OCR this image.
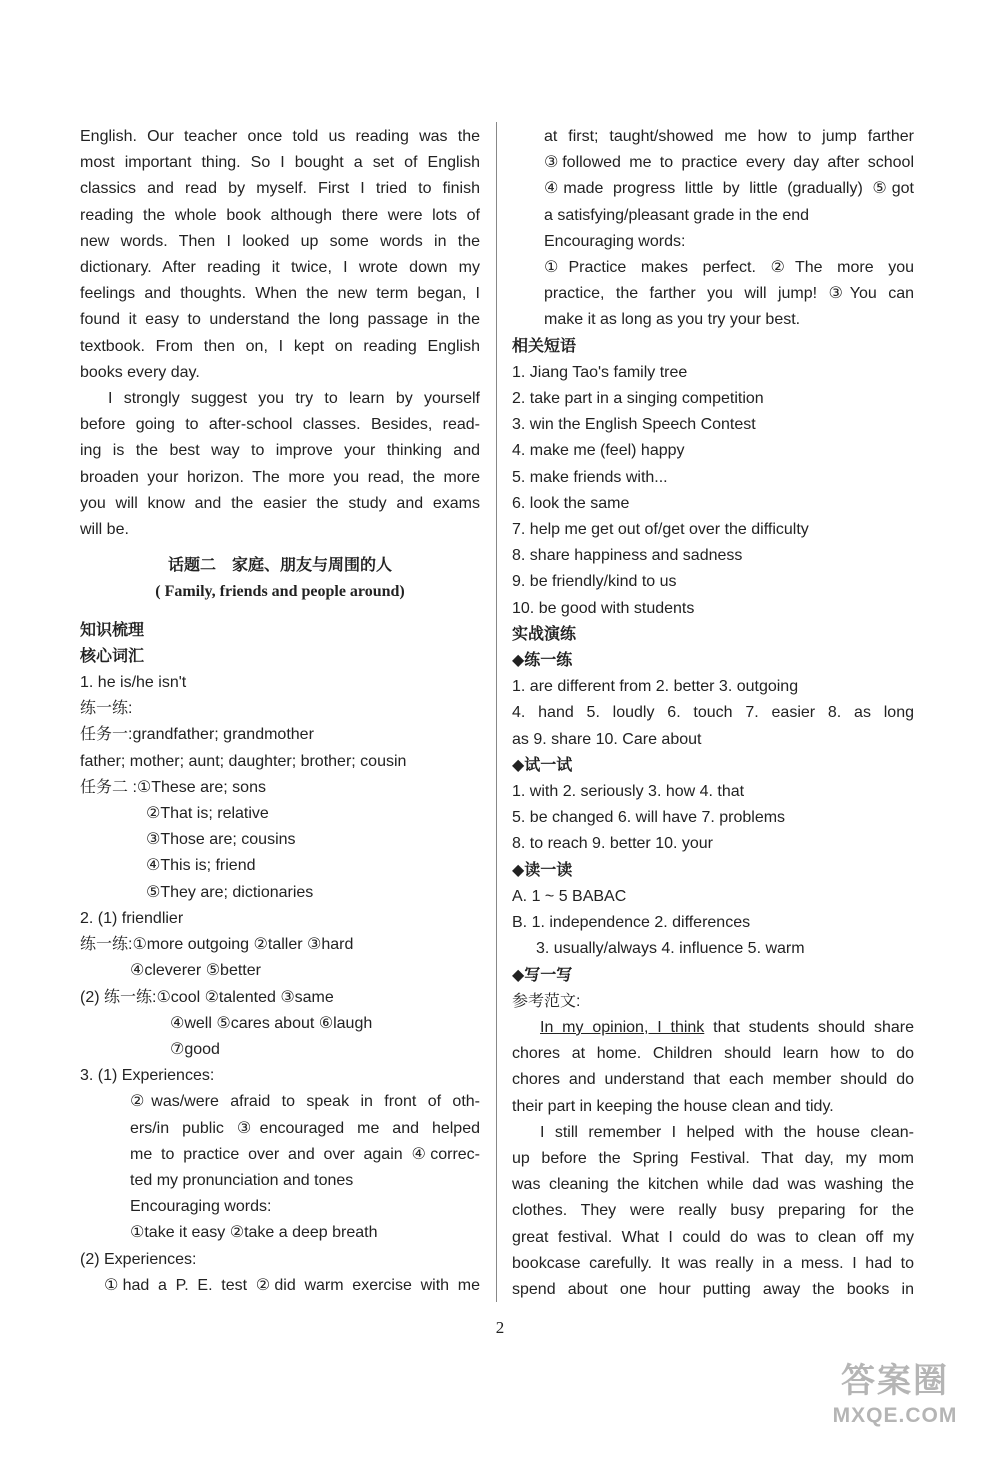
English. Our teacher once told us reading was the
most important thing. So I bought a set of English
classics and read by myself. First I tried to finish
reading the whole book although there were lots of
new words. Then I looked up some words in the
dictionary. After reading it twice, I wrote down my
feelings and thoughts. When the new term began, I
found it easy to understand the long passage in the
textbook. From then on, I kept on reading English
books every day.
I strongly suggest you try to learn by yourself
before going to after-school classes. Besides, read-
ing is the best way to improve your thinking and
broaden your horizon. The more you read, the more
you will know and the easier the study and exams
will be.
话题二　家庭、朋友与周围的人
( Family, friends and people around)
知识梳理
核心词汇
1. he is/he isn't
练一练:
任务一:grandfather; grandmother
father; mother; aunt; daughter; brother; cousin
任务二 :①These are; sons
②That is; relative
③Those are; cousins
④This is; friend
⑤They are; dictionaries
2. (1) friendlier
练一练:①more outgoing ②taller ③hard
④cleverer ⑤better
(2) 练一练:①cool ②talented ③same
④well ⑤cares about ⑥laugh
⑦good
3. (1) Experiences:
②was/were afraid to speak in front of oth-
ers/in public ③encouraged me and helped
me to practice over and over again ④correc-
ted my pronunciation and tones
Encouraging words:
①take it easy ②take a deep breath
(2) Experiences:
①had a P. E. test ②did warm exercise with me
at first; taught/showed me how to jump farther
③followed me to practice every day after school
④made progress little by little (gradually) ⑤got
a satisfying/pleasant grade in the end
Encouraging words:
①Practice makes perfect. ②The more you
practice, the farther you will jump! ③You can
make it as long as you try your best.
相关短语
1. Jiang Tao's family tree
2. take part in a singing competition
3. win the English Speech Contest
4. make me (feel) happy
5. make friends with...
6. look the same
7. help me get out of/get over the difficulty
8. share happiness and sadness
9. be friendly/kind to us
10. be good with students
实战演练
◆练一练
1. are different from 2. better 3. outgoing
4. hand 5. loudly 6. touch 7. easier 8. as long
as 9. share 10. Care about
◆试一试
1. with 2. seriously 3. how 4. that
5. be changed 6. will have 7. problems
8. to reach 9. better 10. your
◆读一读
A. 1 ~ 5 BABAC
B. 1. independence 2. differences
3. usually/always 4. influence 5. warm
◆写一写
参考范文:
In my opinion, I think that students should share
chores at home. Children should learn how to do
chores and understand that each member should do
their part in keeping the house clean and tidy.
I still remember I helped with the house clean-
up before the Spring Festival. That day, my mom
was cleaning the kitchen while dad was washing the
clothes. They were really busy preparing for the
great festival. What I could do was to clean off my
bookcase carefully. It was really in a mess. I had to
spend about one hour putting away the books in
2
答案圈
MXQE.COM
